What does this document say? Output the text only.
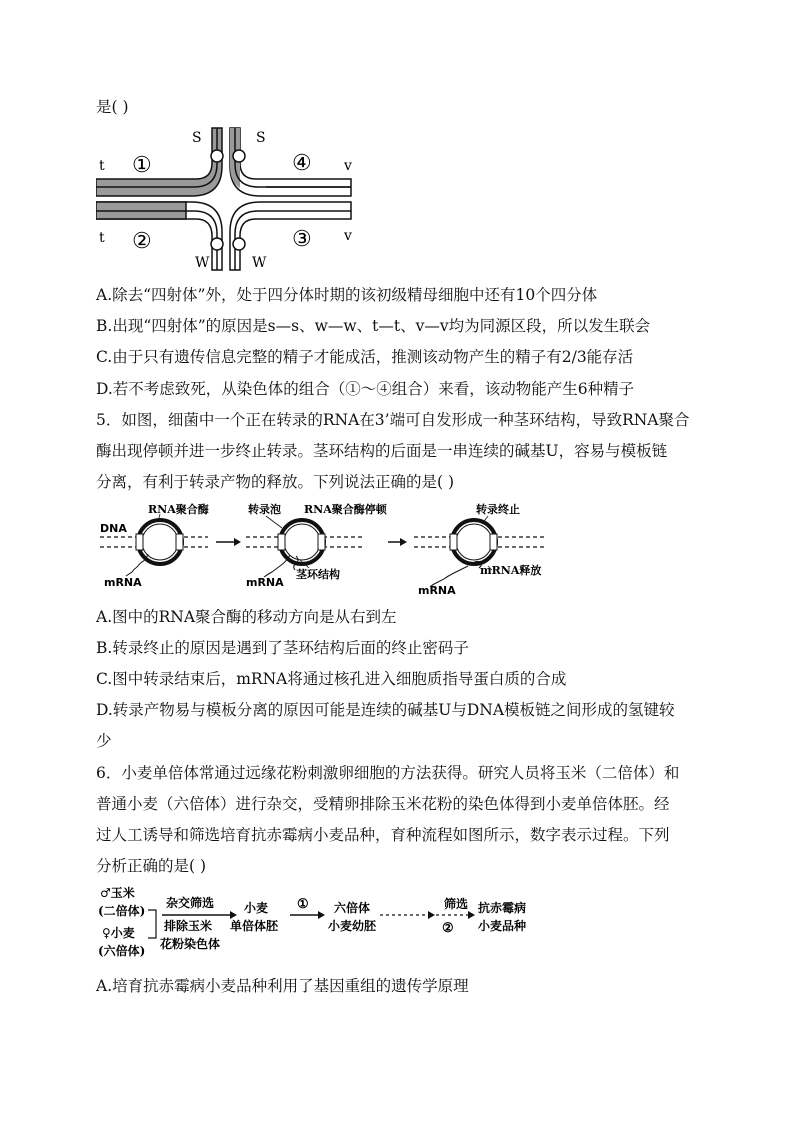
是( )
S	S
t	v
t	v
W	W
①	④
②	③
A.除去“四射体”外，处于四分体时期的该初级精母细胞中还有10个四分体
B.出现“四射体”的原因是s—s、w—w、t—t、v—v均为同源区段，所以发生联会
C.由于只有遗传信息完整的精子才能成活，推测该动物产生的精子有2/3能存活
D.若不考虑致死，从染色体的组合（①～④组合）来看，该动物能产生6种精子
5．如图，细菌中一个正在转录的RNA在3’端可自发形成一种茎环结构，导致RNA聚合
酶出现停顿并进一步终止转录。茎环结构的后面是一串连续的碱基U，容易与模板链
分离，有利于转录产物的释放。下列说法正确的是( )
DNA
RNA聚合酶
mRNA
转录泡 RNA聚合酶停顿
mRNA
茎环结构
转录终止
mRNA
mRNA释放
A.图中的RNA聚合酶的移动方向是从右到左
B.转录终止的原因是遇到了茎环结构后面的终止密码子
C.图中转录结束后，mRNA将通过核孔进入细胞质指导蛋白质的合成
D.转录产物易与模板分离的原因可能是连续的碱基U与DNA模板链之间形成的氢键较
少
6．小麦单倍体常通过远缘花粉刺激卵细胞的方法获得。研究人员将玉米（二倍体）和
普通小麦（六倍体）进行杂交，受精卵排除玉米花粉的染色体得到小麦单倍体胚。经
过人工诱导和筛选培育抗赤霉病小麦品种，育种流程如图所示，数字表示过程。下列
分析正确的是( )
♂玉米
(二倍体)
♀小麦
(六倍体)
杂交筛选
排除玉米
花粉染色体
小麦
单倍体胚
① 六倍体
小麦幼胚
筛选
②
抗赤霉病
小麦品种
A.培育抗赤霉病小麦品种利用了基因重组的遗传学原理
